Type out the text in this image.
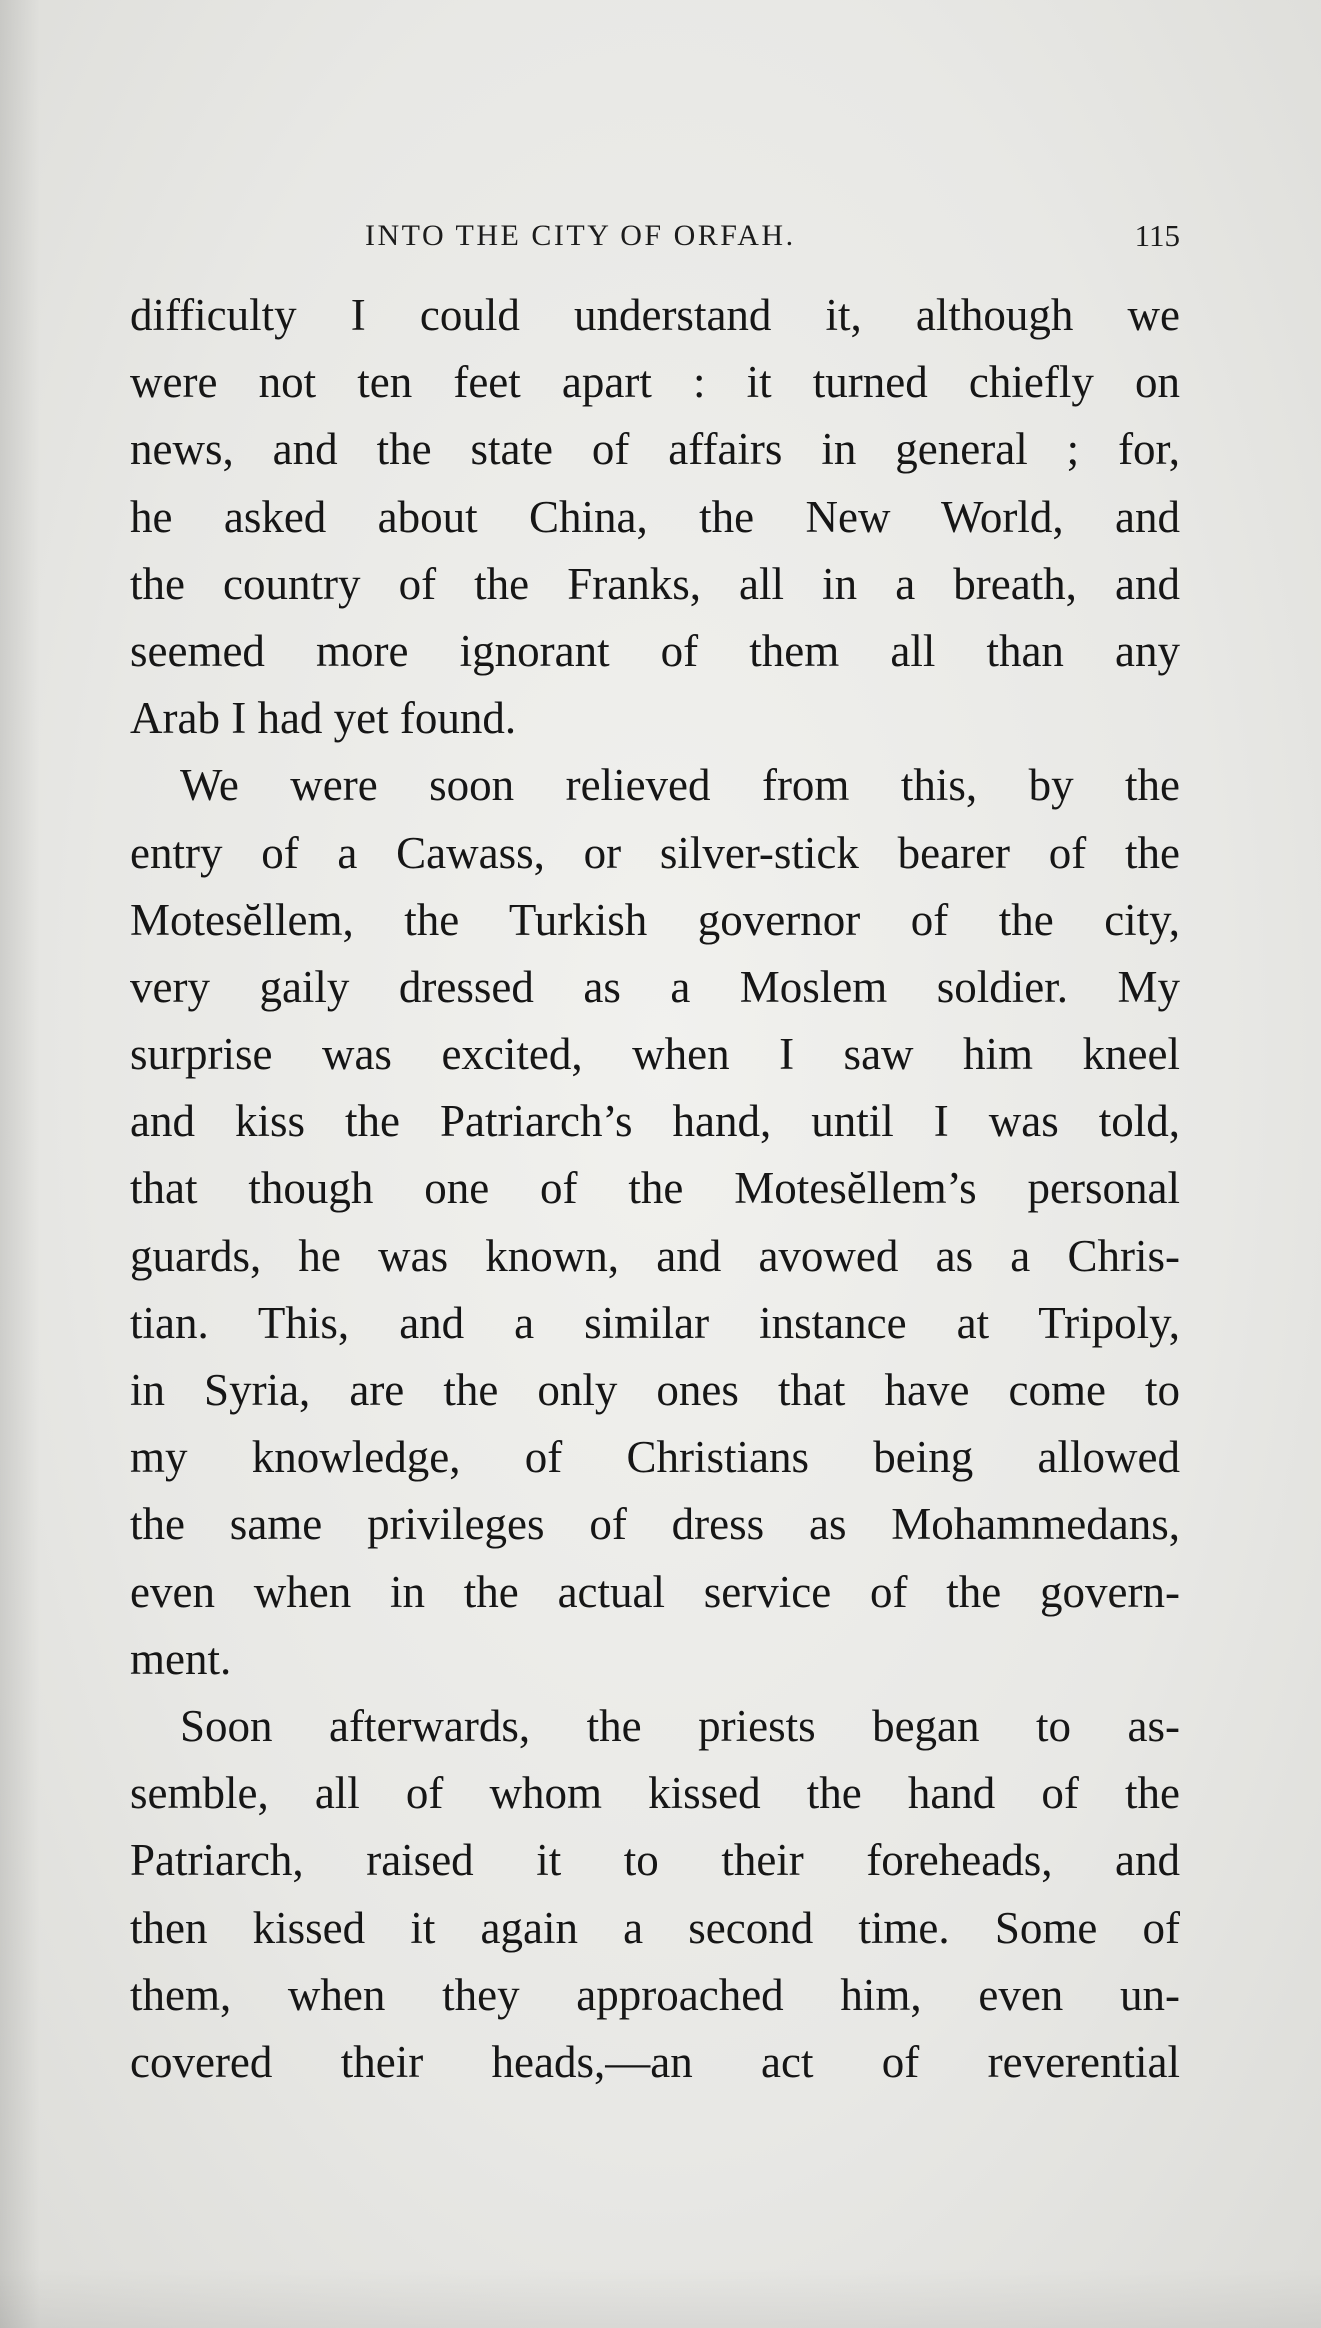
INTO THE CITY OF ORFAH.	115
difficulty I could understand it, although we
were not ten feet apart : it turned chiefly on
news, and the state of affairs in general ; for,
he asked about China, the New World, and
the country of the Franks, all in a breath, and
seemed more ignorant of them all than any
Arab I had yet found.
We were soon relieved from this, by the
entry of a Cawass, or silver-stick bearer of the
Motesĕllem, the Turkish governor of the city,
very gaily dressed as a Moslem soldier. My
surprise was excited, when I saw him kneel
and kiss the Patriarch’s hand, until I was told,
that though one of the Motesĕllem’s personal
guards, he was known, and avowed as a Chris-
tian. This, and a similar instance at Tripoly,
in Syria, are the only ones that have come to
my knowledge, of Christians being allowed
the same privileges of dress as Mohammedans,
even when in the actual service of the govern-
ment.
Soon afterwards, the priests began to as-
semble, all of whom kissed the hand of the
Patriarch, raised it to their foreheads, and
then kissed it again a second time. Some of
them, when they approached him, even un-
covered their heads,—an act of reverential
